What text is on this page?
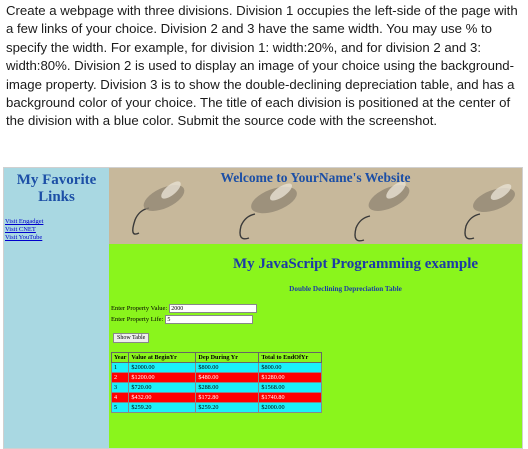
Create a webpage with three divisions. Division 1 occupies the left-side of the page with a few links of your choice. Division 2 and 3 have the same width. You may use % to specify the width. For example, for division 1: width:20%, and for division 2 and 3: width:80%. Division 2 is used to display an image of your choice using the background-image property. Division 3 is to show the double-declining depreciation table, and has a background color of your choice. The title of each division is positioned at the center of the division with a blue color. Submit the source code with the screenshot.
My Favorite Links
Visit Engadget
Visit CNET
Visit YouTube
Welcome to YourName's Website
My JavaScript Programming example
Double Declining Depreciation Table
Enter Property Value:
2000
Enter Property Life:
5
Show Table
Year	Value at BeginYr	Dep During Yr	Total to EndOfYr
1	$2000.00	$800.00	$800.00
2	$1200.00	$480.00	$1280.00
3	$720.00	$288.00	$1568.00
4	$432.00	$172.80	$1740.80
5	$259.20	$259.20	$2000.00
